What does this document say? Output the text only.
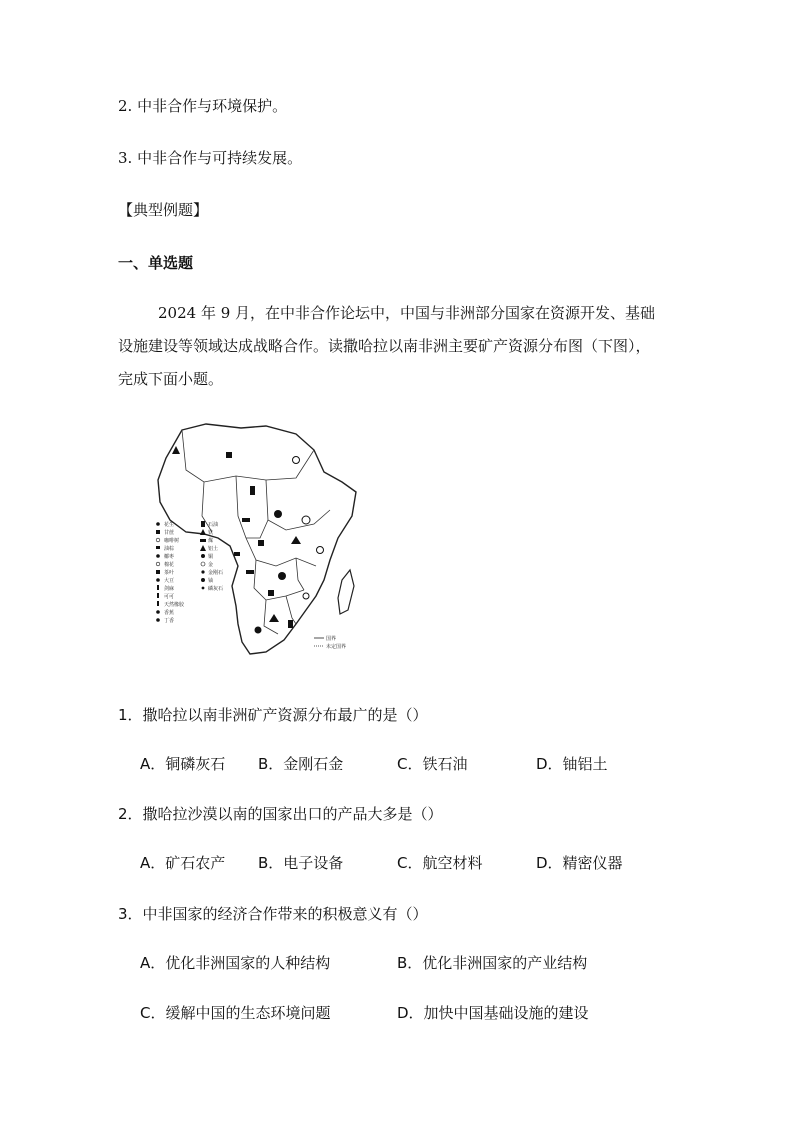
2. 中非合作与环境保护。
3. 中非合作与可持续发展。
【典型例题】
一、单选题
2024 年 9 月，在中非合作论坛中，中国与非洲部分国家在资源开发、基础
设施建设等领域达成战略合作。读撒哈拉以南非洲主要矿产资源分布图（下图），
完成下面小题。
花生
甘蔗
咖啡树
油棕
椰枣
棉花
茶叶
大豆
剑麻
可可
天然橡胶
香蕉
丁香
石油
铁
煤
铝土
铜
金
金刚石
铀
磷灰石
国界
未定国界
1．撒哈拉以南非洲矿产资源分布最广的是（）
A．铜磷灰石 B．金刚石金	C．铁石油	D．铀铝土
2．撒哈拉沙漠以南的国家出口的产品大多是（）
A．矿石农产 B．电子设备	C．航空材料	D．精密仪器
3．中非国家的经济合作带来的积极意义有（）
A．优化非洲国家的人种结构	B．优化非洲国家的产业结构
C．缓解中国的生态环境问题	D．加快中国基础设施的建设
